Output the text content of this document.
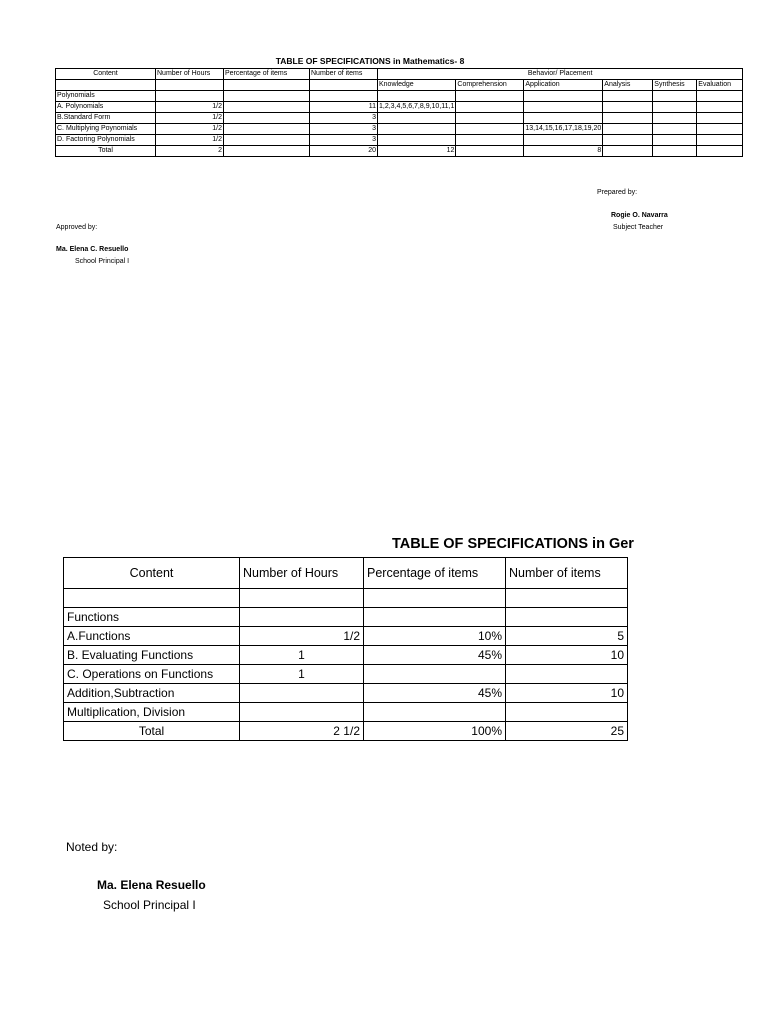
TABLE OF SPECIFICATIONS in Mathematics- 8
Content	Number of Hours	Percentage of items	Number of items	Behavior/ Placement					
				Knowledge	Comprehension	Application	Analysis	Synthesis	Evaluation
Polynomials									
A. Polynomials	1/2		11	1,2,3,4,5,6,7,8,9,10,11,1					
B.Standard Form	1/2		3						
C. Multiplying Poynomials	1/2		3			13,14,15,16,17,18,19,20			
D. Factoring Polynomials	1/2		3						
Total	2		20	12		8			
Prepared by:
Rogie O. Navarra
Subject Teacher
Approved by:
Ma. Elena C. Resuello
School Principal I
TABLE OF SPECIFICATIONS in Ger
Content	Number of Hours	Percentage of items	Number of items

Functions			
A.Functions	1/2	10%	5
B. Evaluating Functions	1	45%	10
C. Operations on Functions	1		
Addition,Subtraction		45%	10
Multiplication, Division			
Total	2 1/2	100%	25
Noted by:
Ma. Elena Resuello
School Principal I
